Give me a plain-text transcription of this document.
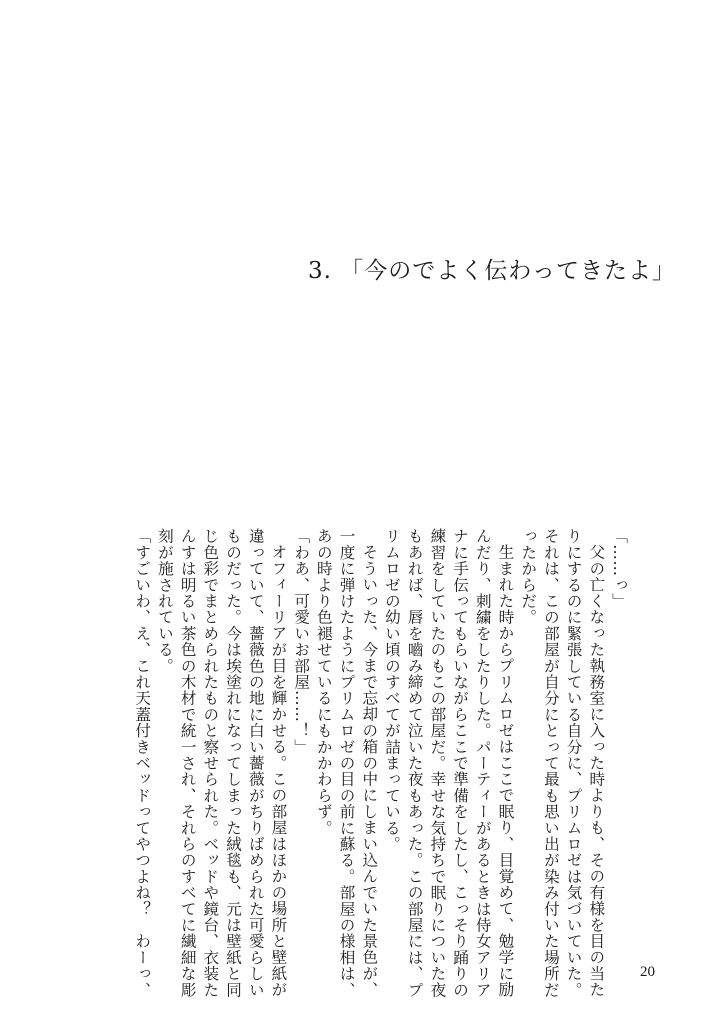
3. 「今のでよく伝わってきたよ」
「……っ」
父の亡くなった執務室に入った時よりも、その有様を目の当た
りにするのに緊張している自分に、プリムロゼは気づいていた。
それは、この部屋が自分にとって最も思い出が染み付いた場所だ
ったからだ。
生まれた時からプリムロゼはここで眠り、目覚めて、勉学に励
んだり、刺繍をしたりした。パーティーがあるときは侍女アリア
ナに手伝ってもらいながらここで準備をしたし、こっそり踊りの
練習をしていたのもこの部屋だ。幸せな気持ちで眠りについた夜
もあれば、唇を嚙み締めて泣いた夜もあった。この部屋には、プ
リムロゼの幼い頃のすべてが詰まっている。
そういった、今まで忘却の箱の中にしまい込んでいた景色が、
一度に弾けたようにプリムロゼの目の前に蘇る。部屋の様相は、
あの時より色褪せているにもかかわらず。
「わあ、可愛いお部屋……！」
オフィーリアが目を輝かせる。この部屋はほかの場所と壁紙が
違っていて、薔薇色の地に白い薔薇がちりばめられた可愛らしい
ものだった。今は埃塗れになってしまった絨毯も、元は壁紙と同
じ色彩でまとめられたものと察せられた。ベッドや鏡台、衣装た
んすは明るい茶色の木材で統一され、それらのすべてに繊細な彫
刻が施されている。
「すごいわ、え、これ天蓋付きベッドってやつよね？　わーっ、	20
